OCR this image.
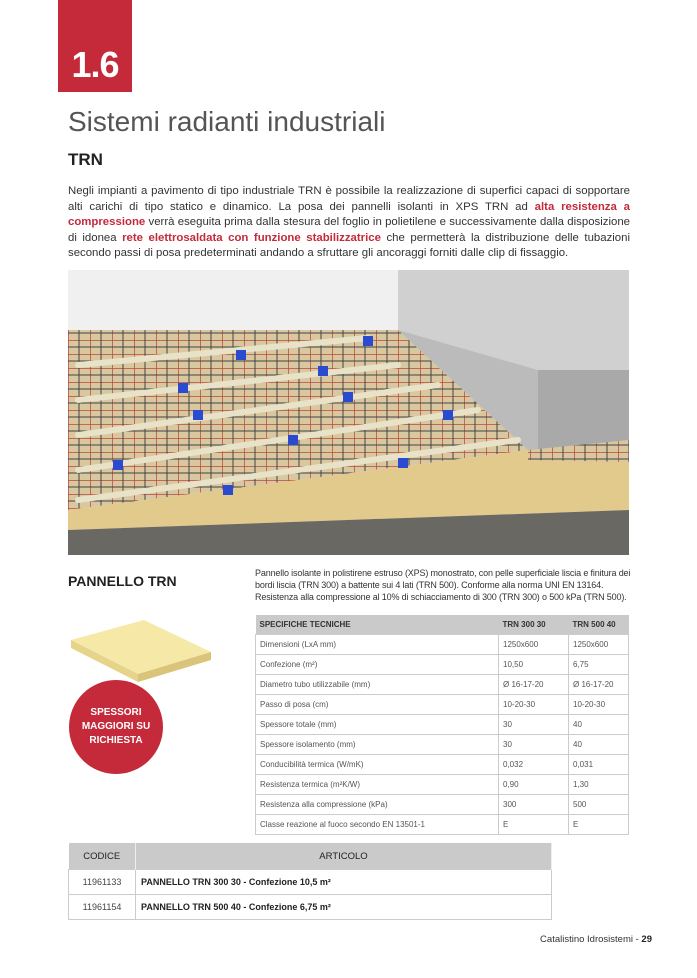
1.6
Sistemi radianti industriali
TRN
Negli impianti a pavimento di tipo industriale TRN è possibile la realizzazione di superfici capaci di sopportare alti carichi di tipo statico e dinamico. La posa dei pannelli isolanti in XPS TRN ad alta resistenza a compressione verrà eseguita prima dalla stesura del foglio in polietilene e successivamente dalla disposizione di idonea rete elettrosaldata con funzione stabilizzatrice che permetterà la distribuzione delle tubazioni secondo passi di posa predeterminati andando a sfruttare gli ancoraggi forniti dalle clip di fissaggio.
PANNELLO TRN	Pannello isolante in polistirene estruso (XPS) monostrato, con pelle superficiale liscia e finitura dei bordi liscia (TRN 300) a battente sui 4 lati (TRN 500). Conforme alla norma UNI EN 13164. Resistenza alla compressione al 10% di schiacciamento di 300 (TRN 300) o 500 kPa (TRN 500).
SPESSORI
MAGGIORI SU
RICHIESTA
SPECIFICHE TECNICHE	TRN 300 30	TRN 500 40
Dimensioni (LxA mm)	1250x600	1250x600
Confezione (m²)	10,50	6,75
Diametro tubo utilizzabile (mm)	Ø 16-17-20	Ø 16-17-20
Passo di posa (cm)	10-20-30	10-20-30
Spessore totale (mm)	30	40
Spessore isolamento (mm)	30	40
Conducibilità termica (W/mK)	0,032	0,031
Resistenza termica (m²K/W)	0,90	1,30
Resistenza alla compressione (kPa)	300	500
Classe reazione al fuoco secondo EN 13501-1	E	E
CODICE	ARTICOLO
11961133	PANNELLO TRN 300 30 - Confezione 10,5 m²
11961154	PANNELLO TRN 500 40 - Confezione 6,75 m²
Catalistino Idrosistemi - 29
